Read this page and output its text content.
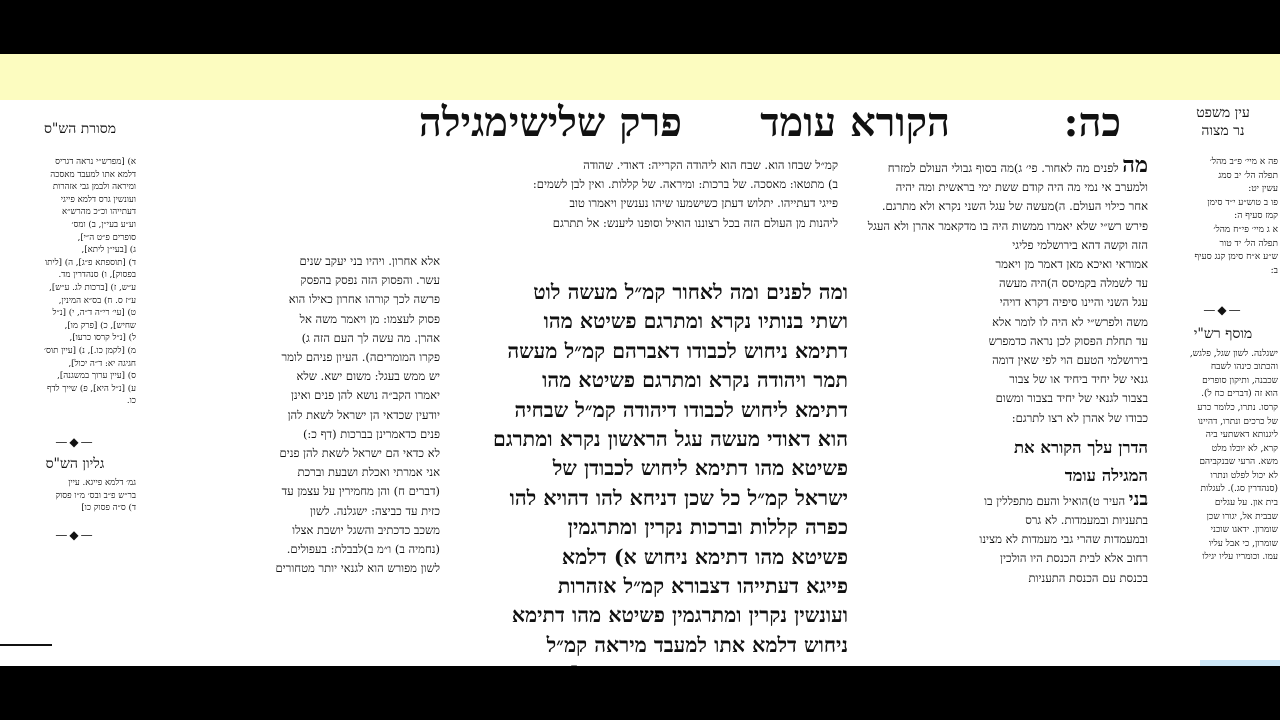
כה:
הקורא עומד
פרק שלישי
מגילה	עין משפט
נר מצוה
מסורת הש"ס
פה א מיי׳ פ״ב מהל׳
תפלה הל׳ יב סמג
עשין יט:
פו ב טוש״ע י״ד סימן
קמז סעיף ה:
א ג מיי׳ פי״ח מהל׳
תפלה הל׳ יד טור
ש״ע א״ח סימן קנג סעיף
ב:
—◆—
מוסף רש"י
ישגלנה. לשון שגל, פלגש,
והכתוב כינהו לשבח
שכבנה, ותיקון סופרים
הוא זה (דברים כח ל).
קרסו. נתרו, כלומר כרע
של כרכים ונתרו, דהיינו
ליגנותא דאשתעי ביה
קרא, לא יוכלו מלט
משא. הרעי שבנקביהם
לא יכול לפלט ונתרו
(סנהדרין סג.). לעגלות
בית און. על עגלים
שבבית אל, יגורו שכן
שומרון. ידאגו שוכני
שומרון, כי אבל עליו
עמו. וכומריו עליו יגילו
מה לפנים מה לאחור. פי׳ ג)מה בסוף גבולי העולם למזרח
ולמערב אי נמי מה היה קודם ששת ימי בראשית ומה יהיה
אחר כילוי העולם. ה)מעשה של עגל השני נקרא ולא מתרגם.
פירש רש״י שלא יאמרו ממשות היה בו מדקאמר אהרן ולא העגל
הזה וקשה דהא בירושלמי פליגי
אמוראי ואיכא מאן דאמר מן ויאמר
עד לשמלה בקמיסס ה)היה מעשה
עגל השני והיינו סיפיה דקרא דויהי
משה ולפרש״י לא היה לו לומר אלא
עד תחלת הפסוק לכן נראה כדמפרש
בירושלמי הטעם הוי לפי שאין דומה
גנאי של יחיד ביחיד או של צבור
בצבור לגנאי של יחיד בצבור ומשום
כבודו של אהרן לא רצו לתרגם:
הדרן עלך הקורא את
המגילה עומד
בני העיר ט)הואיל והעם מתפללין בו
בתעניות ובמעמדות. לא גרס
ובמעמדות שהרי גבי מעמדות לא מצינו
רחוב אלא לבית הכנסת היו הולכין
בכנסת עם הכנסת התעניות
ומה לפנים ומה לאחור קמ״ל מעשה לוט
ושתי בנותיו נקרא ומתרגם פשיטא מהו
דתימא ניחוש לכבודו דאברהם קמ״ל מעשה
תמר ויהודה נקרא ומתרגם פשיטא מהו
דתימא ליחוש לכבודו דיהודה קמ״ל שבחיה
הוא דאודי מעשה עגל הראשון נקרא ומתרגם
פשיטא מהו דתימא ליחוש לכבודן של
ישראל קמ״ל כל שכן דניחא להו דהויא להו
כפרה קללות וברכות נקרין ומתרגמין
פשיטא מהו דתימא ניחוש א) דלמא
פייגא דעתייהו דצבורא קמ״ל אזהרות
ועונשין נקרין ומתרגמין פשיטא מהו דתימא
ניחוש דלמא אתו למעבד מיראה קמ״ל
קמ״ל שבחו הוא. שבח הוא ליהודה הקרייה: דאודי. שהודה
ב) מתטאו: מאסכה. של ברכות: ומיראה. של קללות. ואין לבן לשמים:
פייגי דעתייהו. יתלוש דעתן כשישמעו שיהו נענשין ויאמרו טוב
ליהנות מן העולם הזה בכל רצוננו הואיל וסופנו ליענש: אל תתרגם
אלא אחרון. ויהיו בני יעקב שנים
עשר. והפסוק הזה נפסק בהפסק
פרשה לכך קורהו אחרון כאילו הוא
פסוק לעצמו: מן ויאמר משה אל
אהרן. מה עשה לך העם הזה ג)
פקרו המומריםה). העיון פניהם לומר
יש ממש בעגל: משום ישא. שלא
יאמרו הקב״ה נושא להן פנים ואינן
יודעין שכדאי הן ישראל לשאת להן
פנים כדאמרינן בברכות (דף כ:)
לא כדאי הם ישראל לשאת להן פנים
אני אמרתי ואכלת ושבעת וברכת
(דברים ח) והן מחמירין על עצמן עד
כזית עד כביצה: ישגלנה. לשון
משכב כדכתיב והשגל יושבת אצלו
(נחמיה ב) ו״מ ב)לבבלת: בעפולים.
לשון מפורש הוא לגנאי יותר מטחורים
א) [מפרש״י נראה דגריס
דלמא אתו למעבד מאסכה
ומיראה ולבמן גבי אזהרות
ועונשין גרס דלמא פייגי
דעתייהו וכ״כ מהרש״א
וע״ע בעי״ן, ב) ומס׳
סופרים פ״ט ה״י],
ג) [בעי״ן ליתא],
ד) [תוספתא פ״ג], ה) [ליתו
בפסוק], ו) סנהדרין מד.
ע״ש, ז) [ברכות לג. ע״ש],
ע״ז ס. ח) בס״א המינין,
ט) [עי׳ רי״ה ד״ה, י) [נ״ל
שחיש], כ) [פרק מו],
ל) [נ״ל קרסו כרעו],
מ) [לקמן כו.], נ) [עיין תוס׳
חגיגה יא: ד״ה יכול],
ס) [עיין ערוך במשגנה],
ע) [נ״ל היא], פ) שייך לדף
כו.
—◆—
גליון הש"ס
גמ׳ דלמא פייגא. עיין
בר״ש פ״ב ובס׳ מ״ו פסוק
ד) ס״ה פסוק כו]
—◆—
